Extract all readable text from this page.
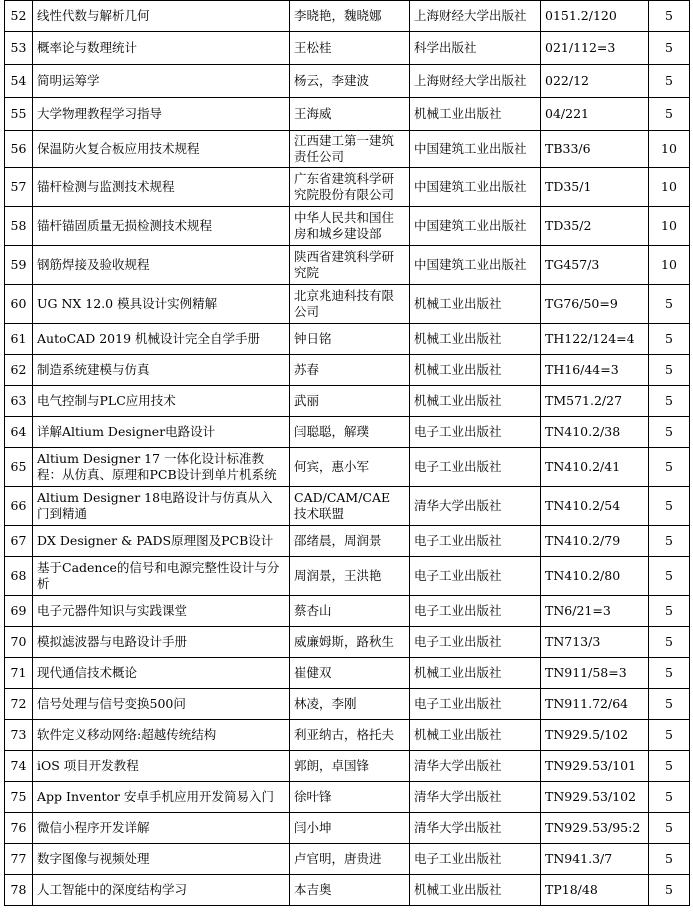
52	线性代数与解析几何	李晓艳，魏晓娜	上海财经大学出版社	0151.2/120	5
53	概率论与数理统计	王松桂	科学出版社	021/112=3	5
54	简明运筹学	杨云，李建波	上海财经大学出版社	022/12	5
55	大学物理教程学习指导	王海威	机械工业出版社	04/221	5
56	保温防火复合板应用技术规程	江西建工第一建筑责任公司	中国建筑工业出版社	TB33/6	10
57	锚杆检测与监测技术规程	广东省建筑科学研究院股份有限公司	中国建筑工业出版社	TD35/1	10
58	锚杆锚固质量无损检测技术规程	中华人民共和国住房和城乡建设部	中国建筑工业出版社	TD35/2	10
59	钢筋焊接及验收规程	陕西省建筑科学研究院	中国建筑工业出版社	TG457/3	10
60	UG NX 12.0 模具设计实例精解	北京兆迪科技有限公司	机械工业出版社	TG76/50=9	5
61	AutoCAD 2019 机械设计完全自学手册	钟日铭	机械工业出版社	TH122/124=4	5
62	制造系统建模与仿真	苏春	机械工业出版社	TH16/44=3	5
63	电气控制与PLC应用技术	武丽	机械工业出版社	TM571.2/27	5
64	详解Altium Designer电路设计	闫聪聪，解璞	电子工业出版社	TN410.2/38	5
65	Altium Designer 17 一体化设计标准教程：从仿真、原理和PCB设计到单片机系统	何宾，惠小军	电子工业出版社	TN410.2/41	5
66	Altium Designer 18电路设计与仿真从入门到精通	CAD/CAM/CAE 技术联盟	清华大学出版社	TN410.2/54	5
67	DX Designer & PADS原理图及PCB设计	邵绪晨，周润景	电子工业出版社	TN410.2/79	5
68	基于Cadence的信号和电源完整性设计与分析	周润景，王洪艳	电子工业出版社	TN410.2/80	5
69	电子元器件知识与实践课堂	蔡杏山	电子工业出版社	TN6/21=3	5
70	模拟滤波器与电路设计手册	威廉姆斯，路秋生	电子工业出版社	TN713/3	5
71	现代通信技术概论	崔健双	机械工业出版社	TN911/58=3	5
72	信号处理与信号变换500问	林凌，李刚	电子工业出版社	TN911.72/64	5
73	软件定义移动网络:超越传统结构	利亚纳古，格托夫	机械工业出版社	TN929.5/102	5
74	iOS 项目开发教程	郭朗，卓国锋	清华大学出版社	TN929.53/101	5
75	App Inventor 安卓手机应用开发简易入门	徐叶锋	清华大学出版社	TN929.53/102	5
76	微信小程序开发详解	闫小坤	清华大学出版社	TN929.53/95:2	5
77	数字图像与视频处理	卢官明，唐贵进	电子工业出版社	TN941.3/7	5
78	人工智能中的深度结构学习	本吉奥	机械工业出版社	TP18/48	5
